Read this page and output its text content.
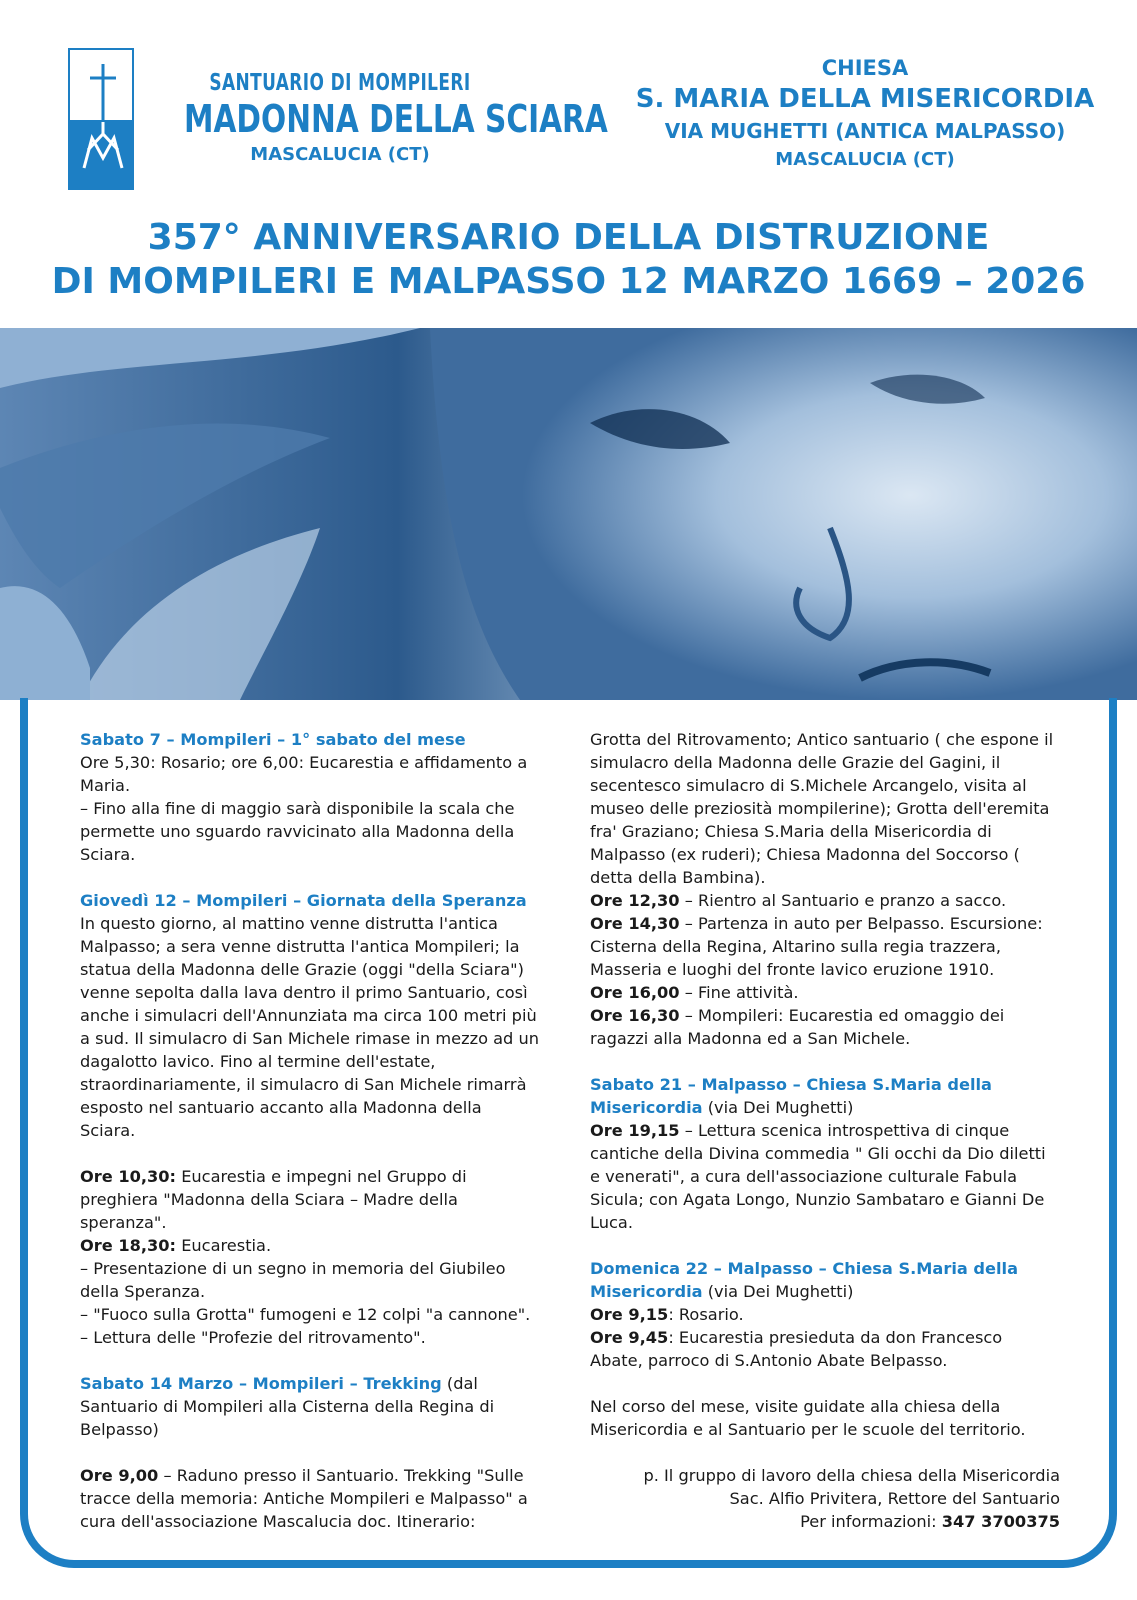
SANTUARIO DI MOMPILERI
MADONNA DELLA SCIARA
MASCALUCIA (CT)
CHIESA
S. MARIA DELLA MISERICORDIA
VIA MUGHETTI (ANTICA MALPASSO)
MASCALUCIA (CT)
357° ANNIVERSARIO DELLA DISTRUZIONE
DI MOMPILERI E MALPASSO 12 MARZO 1669 – 2026

Sabato 7 – Mompileri – 1° sabato del mese

Ore 5,30: Rosario; ore 6,00: Eucarestia e affidamento a Maria.

– Fino alla fine di maggio sarà disponibile la scala che permette uno sguardo ravvicinato alla Madonna della Sciara.

Giovedì 12 – Mompileri – Giornata della Speranza

In questo giorno, al mattino venne distrutta l'antica Malpasso; a sera venne distrutta l'antica Mompileri; la statua della Madonna delle Grazie (oggi "della Sciara") venne sepolta dalla lava dentro il primo Santuario, così anche i simulacri dell'Annunziata ma circa 100 metri più a sud. Il simulacro di San Michele rimase in mezzo ad un dagalotto lavico. Fino al termine dell'estate, straordinariamente, il simulacro di San Michele rimarrà esposto nel santuario accanto alla Madonna della Sciara.

Ore 10,30: Eucarestia e impegni nel Gruppo di preghiera "Madonna della Sciara – Madre della speranza".

Ore 18,30: Eucarestia.

– Presentazione di un segno in memoria del Giubileo della Speranza.

– "Fuoco sulla Grotta" fumogeni e 12 colpi "a cannone".

– Lettura delle "Profezie del ritrovamento".

Sabato 14 Marzo – Mompileri – Trekking (dal Santuario di Mompileri alla Cisterna della Regina di Belpasso)

Ore 9,00 – Raduno presso il Santuario. Trekking "Sulle tracce della memoria: Antiche Mompileri e Malpasso" a cura dell'associazione Mascalucia doc. Itinerario:

Grotta del Ritrovamento; Antico santuario ( che espone il simulacro della Madonna delle Grazie del Gagini, il secentesco simulacro di S.Michele Arcangelo, visita al museo delle preziosità mompilerine); Grotta dell'eremita fra' Graziano; Chiesa S.Maria della Misericordia di Malpasso (ex ruderi); Chiesa Madonna del Soccorso ( detta della Bambina).

Ore 12,30 – Rientro al Santuario e pranzo a sacco.

Ore 14,30 – Partenza in auto per Belpasso. Escursione: Cisterna della Regina, Altarino sulla regia trazzera, Masseria e luoghi del fronte lavico eruzione 1910.

Ore 16,00 – Fine attività.

Ore 16,30 – Mompileri: Eucarestia ed omaggio dei ragazzi alla Madonna ed a San Michele.

Sabato 21 – Malpasso – Chiesa S.Maria della Misericordia (via Dei Mughetti)

Ore 19,15 – Lettura scenica introspettiva di cinque cantiche della Divina commedia " Gli occhi da Dio diletti e venerati", a cura dell'associazione culturale Fabula Sicula; con Agata Longo, Nunzio Sambataro e Gianni De Luca.

Domenica 22 – Malpasso – Chiesa S.Maria della Misericordia (via Dei Mughetti)

Ore 9,15: Rosario.

Ore 9,45: Eucarestia presieduta da don Francesco Abate, parroco di S.Antonio Abate Belpasso.

Nel corso del mese, visite guidate alla chiesa della Misericordia e al Santuario per le scuole del territorio.

p. Il gruppo di lavoro della chiesa della Misericordia

Sac. Alfio Privitera, Rettore del Santuario

Per informazioni: 347 3700375
